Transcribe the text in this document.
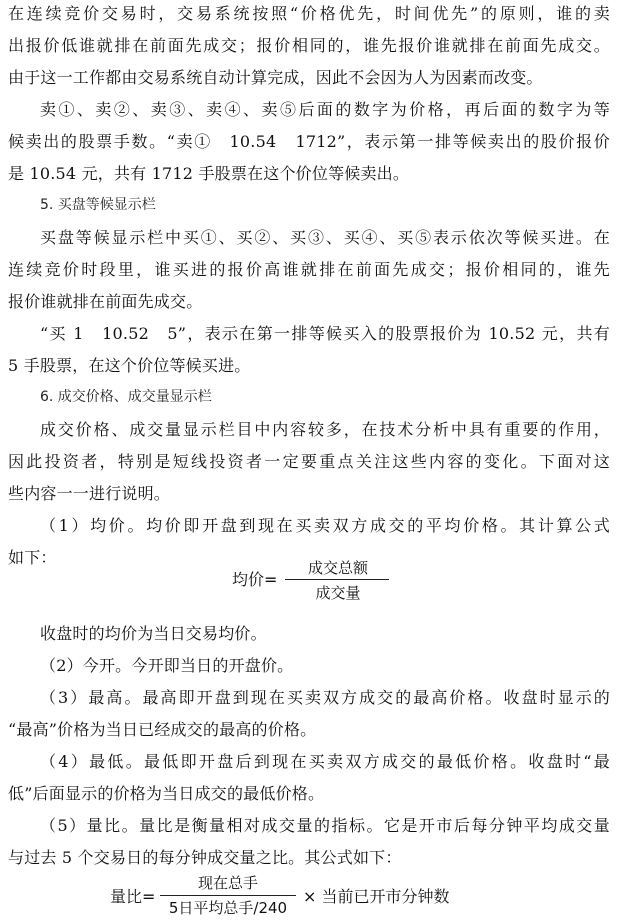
在连续竞价交易时，交易系统按照“价格优先，时间优先”的原则，谁的卖
出报价低谁就排在前面先成交；报价相同的，谁先报价谁就排在前面先成交。
由于这一工作都由交易系统自动计算完成，因此不会因为人为因素而改变。
卖①、卖②、卖③、卖④、卖⑤后面的数字为价格，再后面的数字为等
候卖出的股票手数。“卖①　10.54　1712”，表示第一排等候卖出的股价报价
是 10.54 元，共有 1712 手股票在这个价位等候卖出。
5. 买盘等候显示栏
买盘等候显示栏中买①、买②、买③、买④、买⑤表示依次等候买进。在
连续竞价时段里，谁买进的报价高谁就排在前面先成交；报价相同的，谁先
报价谁就排在前面先成交。
“买 1　10.52　5”，表示在第一排等候买入的股票报价为 10.52 元，共有
5 手股票，在这个价位等候买进。
6. 成交价格、成交量显示栏
成交价格、成交量显示栏目中内容较多，在技术分析中具有重要的作用，
因此投资者，特别是短线投资者一定要重点关注这些内容的变化。下面对这
些内容一一进行说明。
（1）均价。均价即开盘到现在买卖双方成交的平均价格。其计算公式
如下：
均价=
成交总额
成交量
收盘时的均价为当日交易均价。
（2）今开。今开即当日的开盘价。
（3）最高。最高即开盘到现在买卖双方成交的最高价格。收盘时显示的
“最高”价格为当日已经成交的最高的价格。
（4）最低。最低即开盘后到现在买卖双方成交的最低价格。收盘时“最
低”后面显示的价格为当日成交的最低价格。
（5）量比。量比是衡量相对成交量的指标。它是开市后每分钟平均成交量
与过去 5 个交易日的每分钟成交量之比。其公式如下：
量比=
现在总手
5日平均总手/240
× 当前已开市分钟数
